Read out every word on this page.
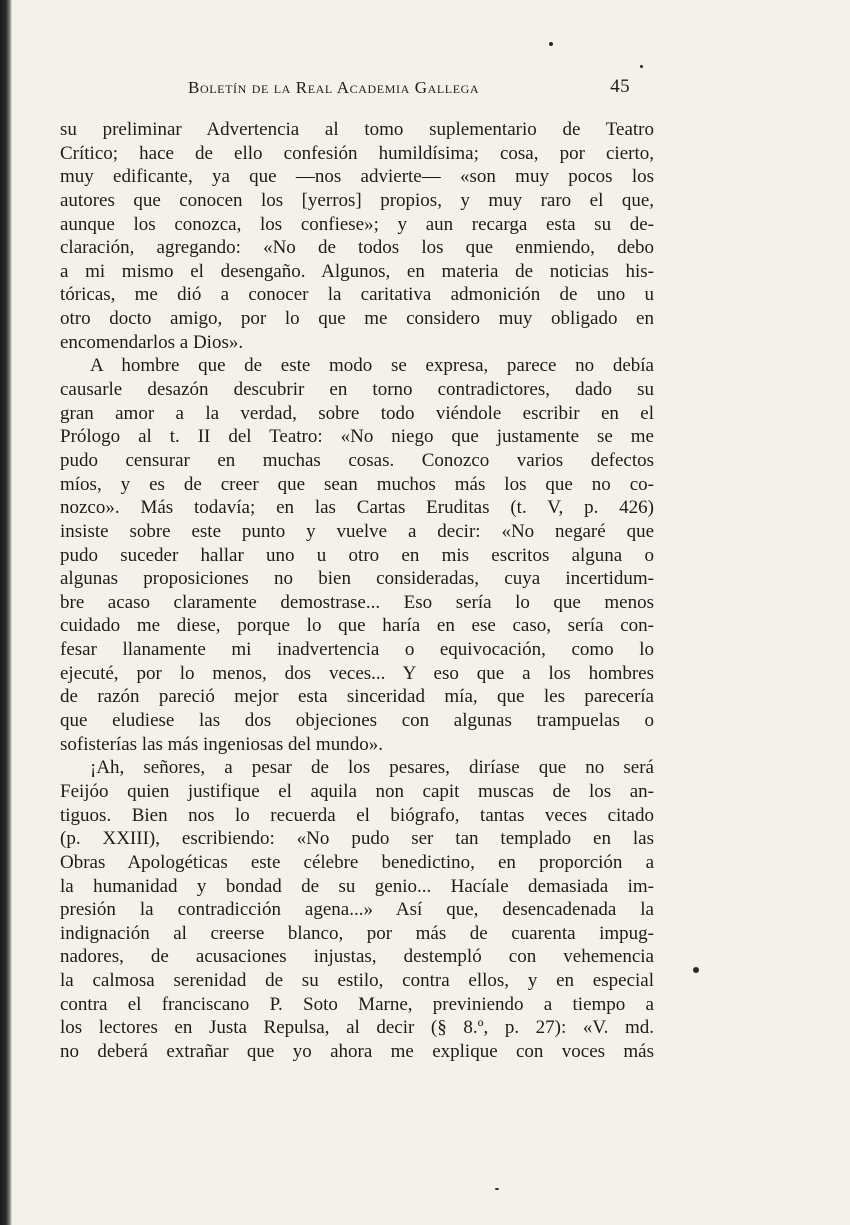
Boletín de la Real Academia Gallega	45
su preliminar Advertencia al tomo suplementario de Teatro
Crítico; hace de ello confesión humildísima; cosa, por cierto,
muy edificante, ya que —nos advierte— «son muy pocos los
autores que conocen los [yerros] propios, y muy raro el que,
aunque los conozca, los confiese»; y aun recarga esta su de-
claración, agregando: «No de todos los que enmiendo, debo
a mi mismo el desengaño. Algunos, en materia de noticias his-
tóricas, me dió a conocer la caritativa admonición de uno u
otro docto amigo, por lo que me considero muy obligado en
encomendarlos a Dios».
A hombre que de este modo se expresa, parece no debía
causarle desazón descubrir en torno contradictores, dado su
gran amor a la verdad, sobre todo viéndole escribir en el
Prólogo al t. II del Teatro: «No niego que justamente se me
pudo censurar en muchas cosas. Conozco varios defectos
míos, y es de creer que sean muchos más los que no co-
nozco». Más todavía; en las Cartas Eruditas (t. V, p. 426)
insiste sobre este punto y vuelve a decir: «No negaré que
pudo suceder hallar uno u otro en mis escritos alguna o
algunas proposiciones no bien consideradas, cuya incertidum-
bre acaso claramente demostrase... Eso sería lo que menos
cuidado me diese, porque lo que haría en ese caso, sería con-
fesar llanamente mi inadvertencia o equivocación, como lo
ejecuté, por lo menos, dos veces... Y eso que a los hombres
de razón pareció mejor esta sinceridad mía, que les parecería
que eludiese las dos objeciones con algunas trampuelas o
sofisterías las más ingeniosas del mundo».
¡Ah, señores, a pesar de los pesares, diríase que no será
Feijóo quien justifique el aquila non capit muscas de los an-
tiguos. Bien nos lo recuerda el biógrafo, tantas veces citado
(p. XXIII), escribiendo: «No pudo ser tan templado en las
Obras Apologéticas este célebre benedictino, en proporción a
la humanidad y bondad de su genio... Hacíale demasiada im-
presión la contradicción agena...» Así que, desencadenada la
indignación al creerse blanco, por más de cuarenta impug-
nadores, de acusaciones injustas, destempló con vehemencia
la calmosa serenidad de su estilo, contra ellos, y en especial
contra el franciscano P. Soto Marne, previniendo a tiempo a
los lectores en Justa Repulsa, al decir (§ 8.º, p. 27): «V. md.
no deberá extrañar que yo ahora me explique con voces más
